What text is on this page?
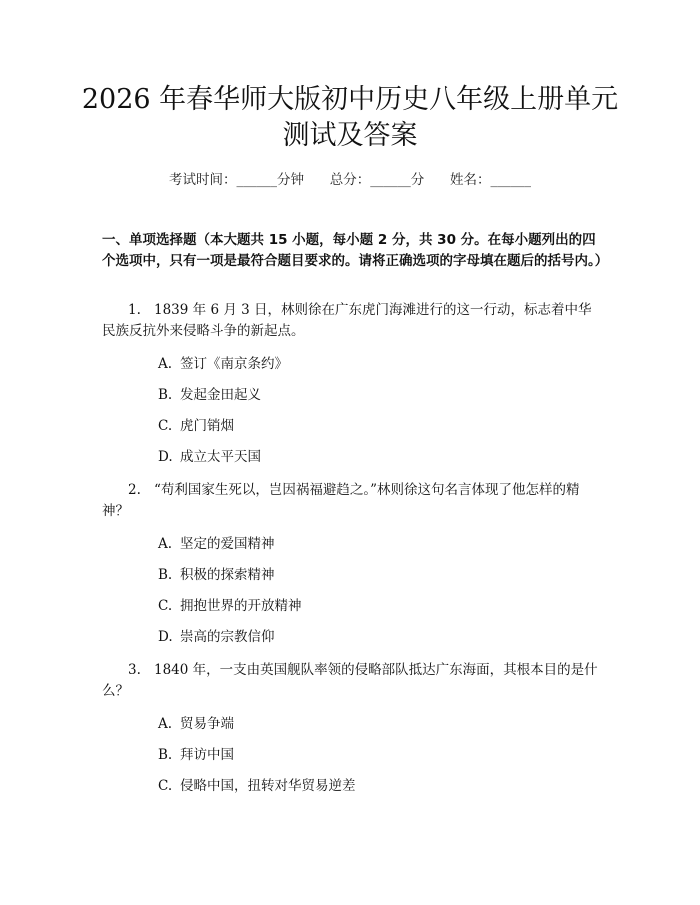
2026 年春华师大版初中历史八年级上册单元
测试及答案
考试时间：______分钟      总分：______分      姓名：______
一、单项选择题（本大题共 15 小题，每小题 2 分，共 30 分。在每小题列出的四个选项中，只有一项是最符合题目要求的。请将正确选项的字母填在题后的括号内。）
1. 1839 年 6 月 3 日，林则徐在广东虎门海滩进行的这一行动，标志着中华民族反抗外来侵略斗争的新起点。
A. 签订《南京条约》
B. 发起金田起义
C. 虎门销烟
D. 成立太平天国
2. “苟利国家生死以，岂因祸福避趋之。”林则徐这句名言体现了他怎样的精神？
A. 坚定的爱国精神
B. 积极的探索精神
C. 拥抱世界的开放精神
D. 崇高的宗教信仰
3. 1840 年，一支由英国舰队率领的侵略部队抵达广东海面，其根本目的是什么？
A. 贸易争端
B. 拜访中国
C. 侵略中国，扭转对华贸易逆差
